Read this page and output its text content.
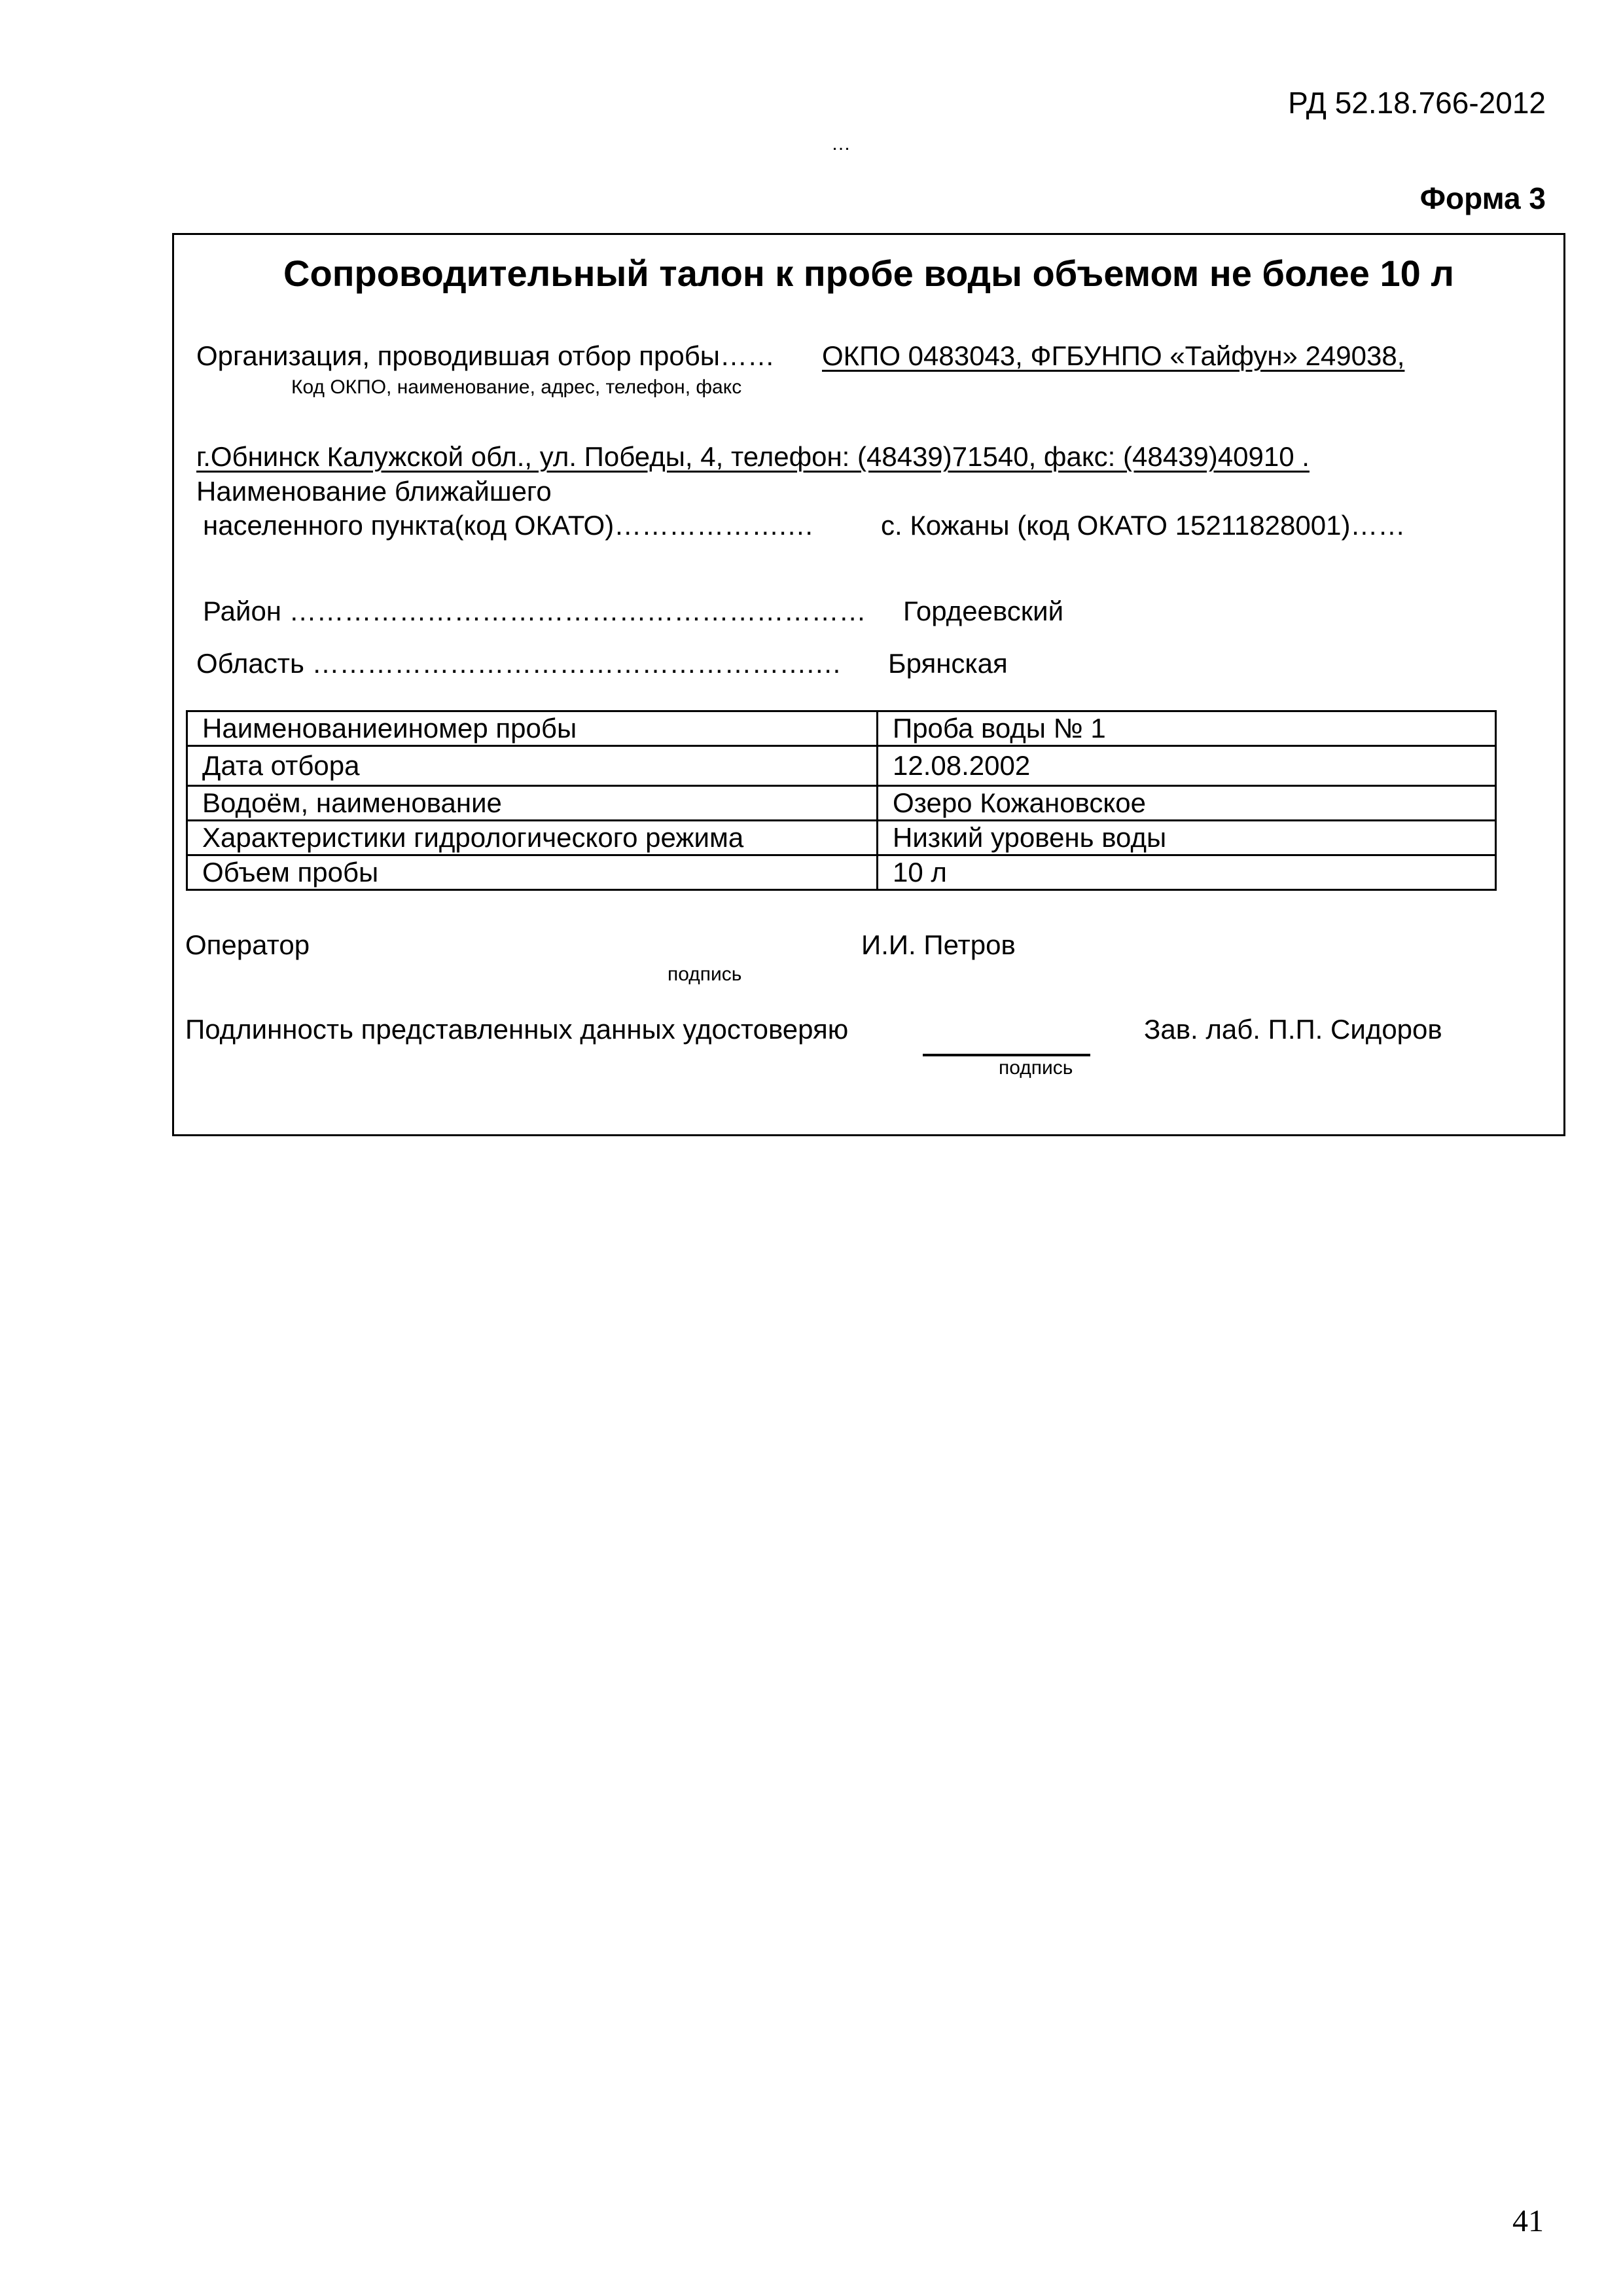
РД 52.18.766-2012
…
Форма 3
Сопроводительный талон к пробе воды объемом не более 10 л
Организация, проводившая отбор пробы…… ОКПО 0483043, ФГБУНПО «Тайфун» 249038,
Код ОКПО, наименование, адрес, телефон, факс
г.Обнинск Калужской обл., ул. Победы, 4, телефон: (48439)71540, факс: (48439)40910 .
Наименование ближайшего
населенного пункта(код ОКАТО)……………….… с. Кожаны (код ОКАТО 15211828001)……
Район ……………………………………………………… Гордеевский
Область ……………………………………………….… Брянская
Наименованиеиномер пробы	Проба воды № 1
Дата отбора	12.08.2002
Водоём, наименование	Озеро Кожановское
Характеристики гидрологического режима	Низкий уровень воды
Объем пробы	10 л
Оператор
подпись
И.И. Петров
Подлинность представленных данных удостоверяю
подпись
Зав. лаб. П.П. Сидоров
41
